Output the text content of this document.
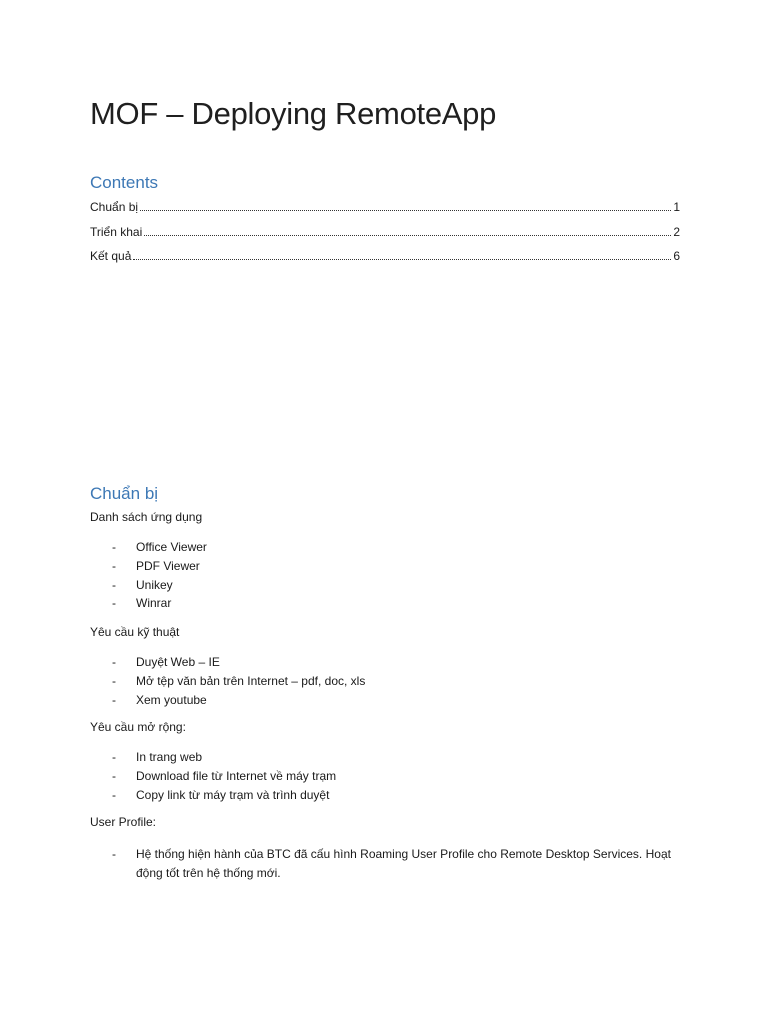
MOF – Deploying RemoteApp
Contents
Chuẩn bị	1
Triển khai	2
Kết quả	6
Chuẩn bị

Danh sách ứng dụng

- Office Viewer
- PDF Viewer
- Unikey
- Winrar

Yêu cầu kỹ thuật

- Duyệt Web – IE
- Mở tệp văn bản trên Internet – pdf, doc, xls
- Xem youtube

Yêu cầu mở rộng:

- In trang web
- Download file từ Internet về máy trạm
- Copy link từ máy trạm và trình duyệt

User Profile:

- Hệ thống hiện hành của BTC đã cấu hình Roaming User Profile cho Remote Desktop Services. Hoạt động tốt trên hệ thống mới.
